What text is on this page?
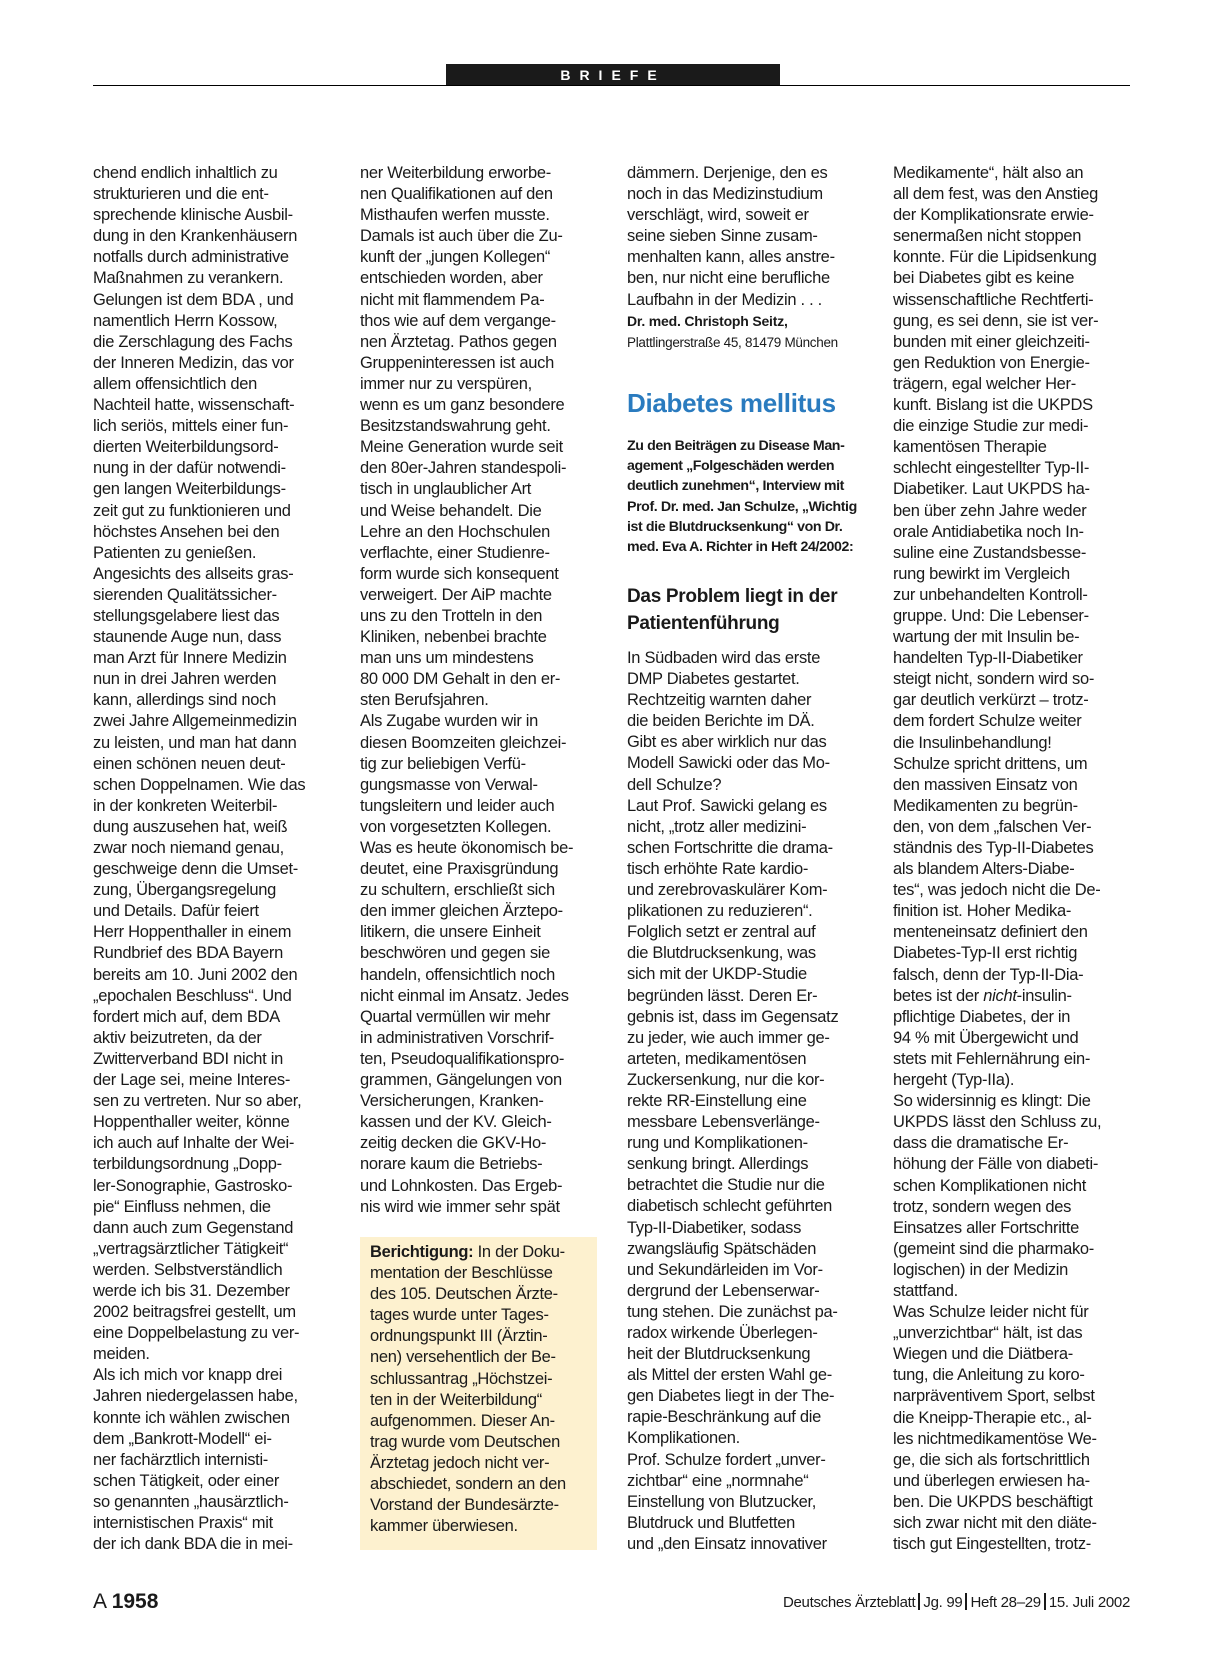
BRIEFE
chend endlich inhaltlich zu
strukturieren und die ent-
sprechende klinische Ausbil-
dung in den Krankenhäusern
notfalls durch administrative
Maßnahmen zu verankern.
Gelungen ist dem BDA , und
namentlich Herrn Kossow,
die Zerschlagung des Fachs
der Inneren Medizin, das vor
allem offensichtlich den
Nachteil hatte, wissenschaft-
lich seriös, mittels einer fun-
dierten Weiterbildungsord-
nung in der dafür notwendi-
gen langen Weiterbildungs-
zeit gut zu funktionieren und
höchstes Ansehen bei den
Patienten zu genießen.
Angesichts des allseits gras-
sierenden Qualitätssicher-
stellungsgelabere liest das
staunende Auge nun, dass
man Arzt für Innere Medizin
nun in drei Jahren werden
kann, allerdings sind noch
zwei Jahre Allgemeinmedizin
zu leisten, und man hat dann
einen schönen neuen deut-
schen Doppelnamen. Wie das
in der konkreten Weiterbil-
dung auszusehen hat, weiß
zwar noch niemand genau,
geschweige denn die Umset-
zung, Übergangsregelung
und Details. Dafür feiert
Herr Hoppenthaller in einem
Rundbrief des BDA Bayern
bereits am 10. Juni 2002 den
„epochalen Beschluss“. Und
fordert mich auf, dem BDA
aktiv beizutreten, da der
Zwitterverband BDI nicht in
der Lage sei, meine Interes-
sen zu vertreten. Nur so aber,
Hoppenthaller weiter, könne
ich auch auf Inhalte der Wei-
terbildungsordnung „Dopp-
ler-Sonographie, Gastrosko-
pie“ Einfluss nehmen, die
dann auch zum Gegenstand
„vertragsärztlicher Tätigkeit“
werden. Selbstverständlich
werde ich bis 31. Dezember
2002 beitragsfrei gestellt, um
eine Doppelbelastung zu ver-
meiden.
Als ich mich vor knapp drei
Jahren niedergelassen habe,
konnte ich wählen zwischen
dem „Bankrott-Modell“ ei-
ner fachärztlich internisti-
schen Tätigkeit, oder einer
so genannten „hausärztlich-
internistischen Praxis“ mit
der ich dank BDA die in mei-
ner Weiterbildung erworbe-
nen Qualifikationen auf den
Misthaufen werfen musste.
Damals ist auch über die Zu-
kunft der „jungen Kollegen“
entschieden worden, aber
nicht mit flammendem Pa-
thos wie auf dem vergange-
nen Ärztetag. Pathos gegen
Gruppeninteressen ist auch
immer nur zu verspüren,
wenn es um ganz besondere
Besitzstandswahrung geht.
Meine Generation wurde seit
den 80er-Jahren standespoli-
tisch in unglaublicher Art
und Weise behandelt. Die
Lehre an den Hochschulen
verflachte, einer Studienre-
form wurde sich konsequent
verweigert. Der AiP machte
uns zu den Trotteln in den
Kliniken, nebenbei brachte
man uns um mindestens
80 000 DM Gehalt in den er-
sten Berufsjahren.
Als Zugabe wurden wir in
diesen Boomzeiten gleichzei-
tig zur beliebigen Verfü-
gungsmasse von Verwal-
tungsleitern und leider auch
von vorgesetzten Kollegen.
Was es heute ökonomisch be-
deutet, eine Praxisgründung
zu schultern, erschließt sich
den immer gleichen Ärztepo-
litikern, die unsere Einheit
beschwören und gegen sie
handeln, offensichtlich noch
nicht einmal im Ansatz. Jedes
Quartal vermüllen wir mehr
in administrativen Vorschrif-
ten, Pseudoqualifikationspro-
grammen, Gängelungen von
Versicherungen, Kranken-
kassen und der KV. Gleich-
zeitig decken die GKV-Ho-
norare kaum die Betriebs-
und Lohnkosten. Das Ergeb-
nis wird wie immer sehr spät
Berichtigung: In der Doku-
mentation der Beschlüsse
des 105. Deutschen Ärzte-
tages wurde unter Tages-
ordnungspunkt III (Ärztin-
nen) versehentlich der Be-
schlussantrag „Höchstzei-
ten in der Weiterbildung“
aufgenommen. Dieser An-
trag wurde vom Deutschen
Ärztetag jedoch nicht ver-
abschiedet, sondern an den
Vorstand der Bundesärzte-
kammer überwiesen.
dämmern. Derjenige, den es
noch in das Medizinstudium
verschlägt, wird, soweit er
seine sieben Sinne zusam-
menhalten kann, alles anstre-
ben, nur nicht eine berufliche
Laufbahn in der Medizin . . .
Dr. med. Christoph Seitz,
Plattlingerstraße 45, 81479 München
Diabetes mellitus
Zu den Beiträgen zu Disease Man-
agement „Folgeschäden werden
deutlich zunehmen“, Interview mit
Prof. Dr. med. Jan Schulze, „Wichtig
ist die Blutdrucksenkung“ von Dr.
med. Eva A. Richter in Heft 24/2002:
Das Problem liegt in der
Patientenführung
In Südbaden wird das erste
DMP Diabetes gestartet.
Rechtzeitig warnten daher
die beiden Berichte im DÄ.
Gibt es aber wirklich nur das
Modell Sawicki oder das Mo-
dell Schulze?
Laut Prof. Sawicki gelang es
nicht, „trotz aller medizini-
schen Fortschritte die drama-
tisch erhöhte Rate kardio-
und zerebrovaskulärer Kom-
plikationen zu reduzieren“.
Folglich setzt er zentral auf
die Blutdrucksenkung, was
sich mit der UKDP-Studie
begründen lässt. Deren Er-
gebnis ist, dass im Gegensatz
zu jeder, wie auch immer ge-
arteten, medikamentösen
Zuckersenkung, nur die kor-
rekte RR-Einstellung eine
messbare Lebensverlänge-
rung und Komplikationen-
senkung bringt. Allerdings
betrachtet die Studie nur die
diabetisch schlecht geführten
Typ-II-Diabetiker, sodass
zwangsläufig Spätschäden
und Sekundärleiden im Vor-
dergrund der Lebenserwar-
tung stehen. Die zunächst pa-
radox wirkende Überlegen-
heit der Blutdrucksenkung
als Mittel der ersten Wahl ge-
gen Diabetes liegt in der The-
rapie-Beschränkung auf die
Komplikationen.
Prof. Schulze fordert „unver-
zichtbar“ eine „normnahe“
Einstellung von Blutzucker,
Blutdruck und Blutfetten
und „den Einsatz innovativer
Medikamente“, hält also an
all dem fest, was den Anstieg
der Komplikationsrate erwie-
senermaßen nicht stoppen
konnte. Für die Lipidsenkung
bei Diabetes gibt es keine
wissenschaftliche Rechtferti-
gung, es sei denn, sie ist ver-
bunden mit einer gleichzeiti-
gen Reduktion von Energie-
trägern, egal welcher Her-
kunft. Bislang ist die UKPDS
die einzige Studie zur medi-
kamentösen Therapie
schlecht eingestellter Typ-II-
Diabetiker. Laut UKPDS ha-
ben über zehn Jahre weder
orale Antidiabetika noch In-
suline eine Zustandsbesse-
rung bewirkt im Vergleich
zur unbehandelten Kontroll-
gruppe. Und: Die Lebenser-
wartung der mit Insulin be-
handelten Typ-II-Diabetiker
steigt nicht, sondern wird so-
gar deutlich verkürzt – trotz-
dem fordert Schulze weiter
die Insulinbehandlung!
Schulze spricht drittens, um
den massiven Einsatz von
Medikamenten zu begrün-
den, von dem „falschen Ver-
ständnis des Typ-II-Diabetes
als blandem Alters-Diabe-
tes“, was jedoch nicht die De-
finition ist. Hoher Medika-
menteneinsatz definiert den
Diabetes-Typ-II erst richtig
falsch, denn der Typ-II-Dia-
betes ist der nicht-insulin-
pflichtige Diabetes, der in
94 % mit Übergewicht und
stets mit Fehlernährung ein-
hergeht (Typ-IIa).
So widersinnig es klingt: Die
UKPDS lässt den Schluss zu,
dass die dramatische Er-
höhung der Fälle von diabeti-
schen Komplikationen nicht
trotz, sondern wegen des
Einsatzes aller Fortschritte
(gemeint sind die pharmako-
logischen) in der Medizin
stattfand.
Was Schulze leider nicht für
„unverzichtbar“ hält, ist das
Wiegen und die Diätbera-
tung, die Anleitung zu koro-
narpräventivem Sport, selbst
die Kneipp-Therapie etc., al-
les nichtmedikamentöse We-
ge, die sich als fortschrittlich
und überlegen erwiesen ha-
ben. Die UKPDS beschäftigt
sich zwar nicht mit den diäte-
tisch gut Eingestellten, trotz-
A 1958	Deutsches Ärzteblatt Jg. 99 Heft 28–29 15. Juli 2002
